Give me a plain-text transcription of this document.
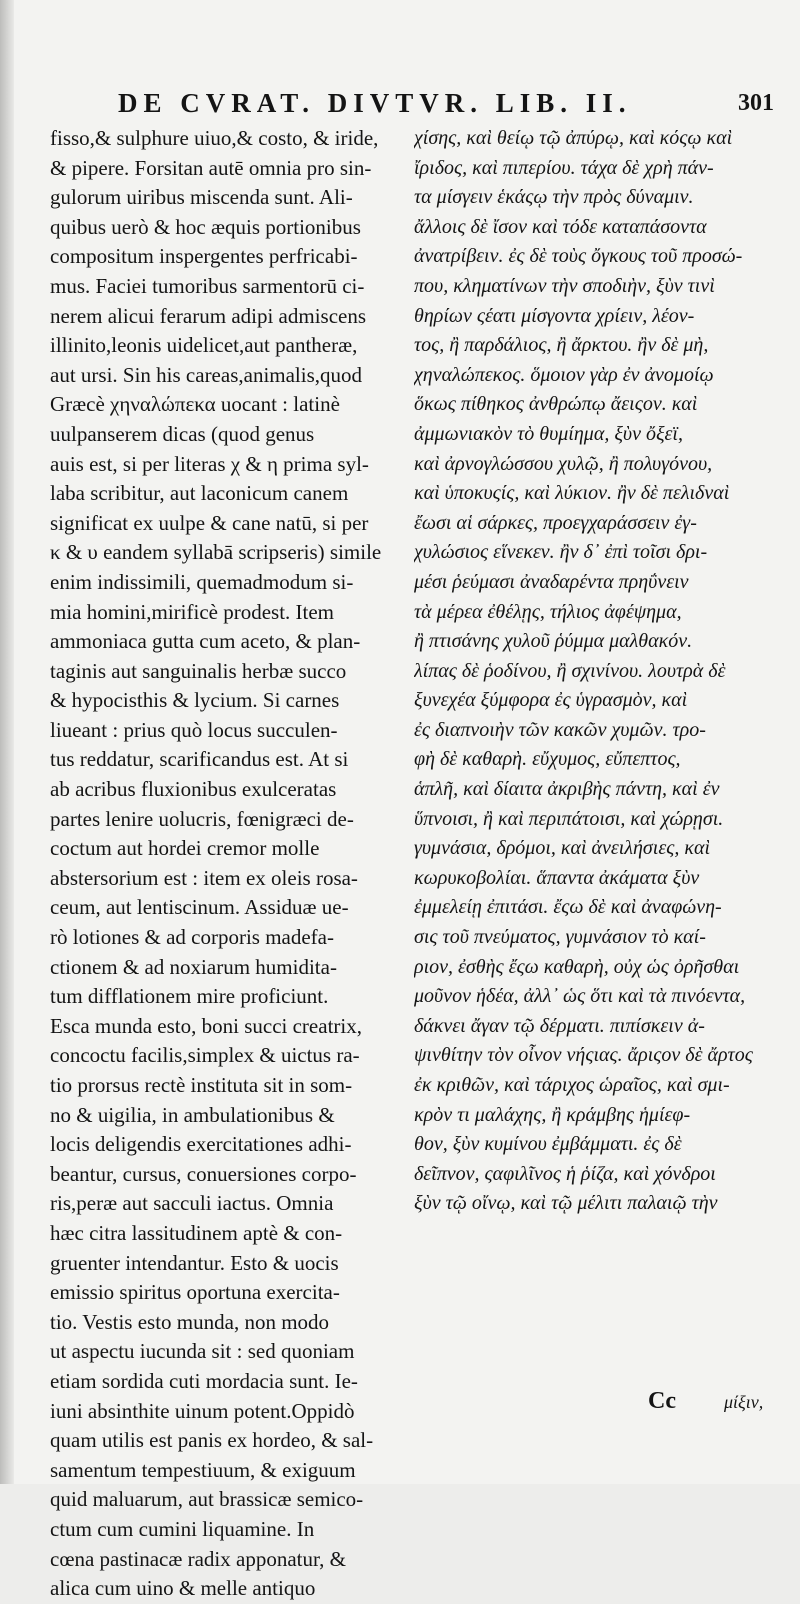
DE CVRAT. DIVTVR. LIB. II.	301
fisso,& sulphure uiuo,& costo, & iride,
& pipere. Forsitan autē omnia pro sin-
gulorum uiribus miscenda sunt. Ali-
quibus uerò & hoc æquis portionibus
compositum inspergentes perfricabi-
mus. Faciei tumoribus sarmentorū ci-
nerem alicui ferarum adipi admiscens
illinito,leonis uidelicet,aut pantheræ,
aut ursi. Sin his careas,animalis,quod
Græcè χηναλώπεκα uocant : latinè
uulpanserem dicas (quod genus
auis est, si per literas χ & η prima syl-
laba scribitur, aut laconicum canem
significat ex uulpe & cane natū, si per
κ & υ eandem syllabā scripseris) simile
enim indissimili, quemadmodum si-
mia homini,mirificè prodest. Item
ammoniaca gutta cum aceto, & plan-
taginis aut sanguinalis herbæ succo
& hypocisthis & lycium. Si carnes
liueant : prius quò locus succulen-
tus reddatur, scarificandus est. At si
ab acribus fluxionibus exulceratas
partes lenire uolucris, fœnigræci de-
coctum aut hordei cremor molle
abstersorium est : item ex oleis rosa-
ceum, aut lentiscinum. Assiduæ ue-
rò lotiones & ad corporis madefa-
ctionem & ad noxiarum humidita-
tum difflationem mire proficiunt.
Esca munda esto, boni succi creatrix,
concoctu facilis,simplex & uictus ra-
tio prorsus rectè instituta sit in som-
no & uigilia, in ambulationibus &
locis deligendis exercitationes adhi-
beantur, cursus, conuersiones corpo-
ris,peræ aut sacculi iactus. Omnia
hæc citra lassitudinem aptè & con-
gruenter intendantur. Esto & uocis
emissio spiritus oportuna exercita-
tio. Vestis esto munda, non modo
ut aspectu iucunda sit : sed quoniam
etiam sordida cuti mordacia sunt. Ie-
iuni absinthite uinum potent.Oppidò
quam utilis est panis ex hordeo, & sal-
samentum tempestiuum, & exiguum
quid maluarum, aut brassicæ semico-
ctum cum cumini liquamine. In
cœna pastinacæ radix apponatur, &
alica cum uino & melle antiquo
χίσης, καὶ θείῳ τῷ ἀπύρῳ, καὶ κόςῳ καὶ
ἴριδος, καὶ πιπερίου. τάχα δὲ χρὴ πάν-
τα μίσγειν ἑκάςῳ τὴν πρὸς δύναμιν.
ἄλλοις δὲ ἴσον καὶ τόδε καταπάσοντα
ἀνατρίβειν. ἐς δὲ τοὺς ὄγκους τοῦ προσώ-
που, κληματίνων τὴν σποδιὴν, ξὺν τινὶ
θηρίων ςέατι μίσγοντα χρίειν, λέον-
τος, ἢ παρδάλιος, ἢ ἄρκτου. ἢν δὲ μὴ,
χηναλώπεκος. ὅμοιον γὰρ ἐν ἀνομοίῳ
ὅκως πίθηκος ἀνθρώπῳ ἄειςον. καὶ
ἀμμωνιακὸν τὸ θυμίημα, ξὺν ὄξεϊ,
καὶ ἀρνογλώσσου χυλῷ, ἢ πολυγόνου,
καὶ ὑποκυςίς, καὶ λύκιον. ἢν δὲ πελιδναὶ
ἔωσι αἱ σάρκες, προεγχαράσσειν ἐγ-
χυλώσιος εἵνεκεν. ἢν δ᾽ ἐπὶ τοῖσι δρι-
μέσι ῥεύμασι ἀναδαρέντα πρηΰνειν
τὰ μέρεα ἐθέλῃς, τήλιος ἀφέψημα,
ἢ πτισάνης χυλοῦ ῥύμμα μαλθακόν.
λίπας δὲ ῥοδίνου, ἢ σχινίνου. λουτρὰ δὲ
ξυνεχέα ξύμφορα ἐς ὑγρασμὸν, καὶ
ἐς διαπνοιὴν τῶν κακῶν χυμῶν. τρο-
φὴ δὲ καθαρὴ. εὔχυμος, εὔπεπτος,
ἁπλῆ, καὶ δίαιτα ἀκριβὴς πάντη, καὶ ἐν
ὕπνοισι, ἢ καὶ περιπάτοισι, καὶ χώρῃσι.
γυμνάσια, δρόμοι, καὶ ἀνειλήσιες, καὶ
κωρυκοβολίαι. ἅπαντα ἀκάματα ξὺν
ἐμμελείῃ ἐπιτάσι. ἔςω δὲ καὶ ἀναφώνη-
σις τοῦ πνεύματος, γυμνάσιον τὸ καί-
ριον, ἐσθὴς ἔςω καθαρὴ, οὐχ ὡς ὀρῆσθαι
μοῦνον ἡδέα, ἀλλ᾽ ὡς ὅτι καὶ τὰ πινόεντα,
δάκνει ἄγαν τῷ δέρματι. πιπίσκειν ἀ-
ψινθίτην τὸν οἶνον νήςιας. ἄριςον δὲ ἄρτος
ἐκ κριθῶν, καὶ τάριχος ὡραῖος, καὶ σμι-
κρὸν τι μαλάχης, ἢ κράμβης ἡμίεφ-
θον, ξὺν κυμίνου ἐμβάμματι. ἐς δὲ
δεῖπνον, ςαφιλῖνος ἡ ῥίζα, καὶ χόνδροι
ξὺν τῷ οἴνῳ, καὶ τῷ μέλιτι παλαιῷ τὴν
Cc	μίξιν,
